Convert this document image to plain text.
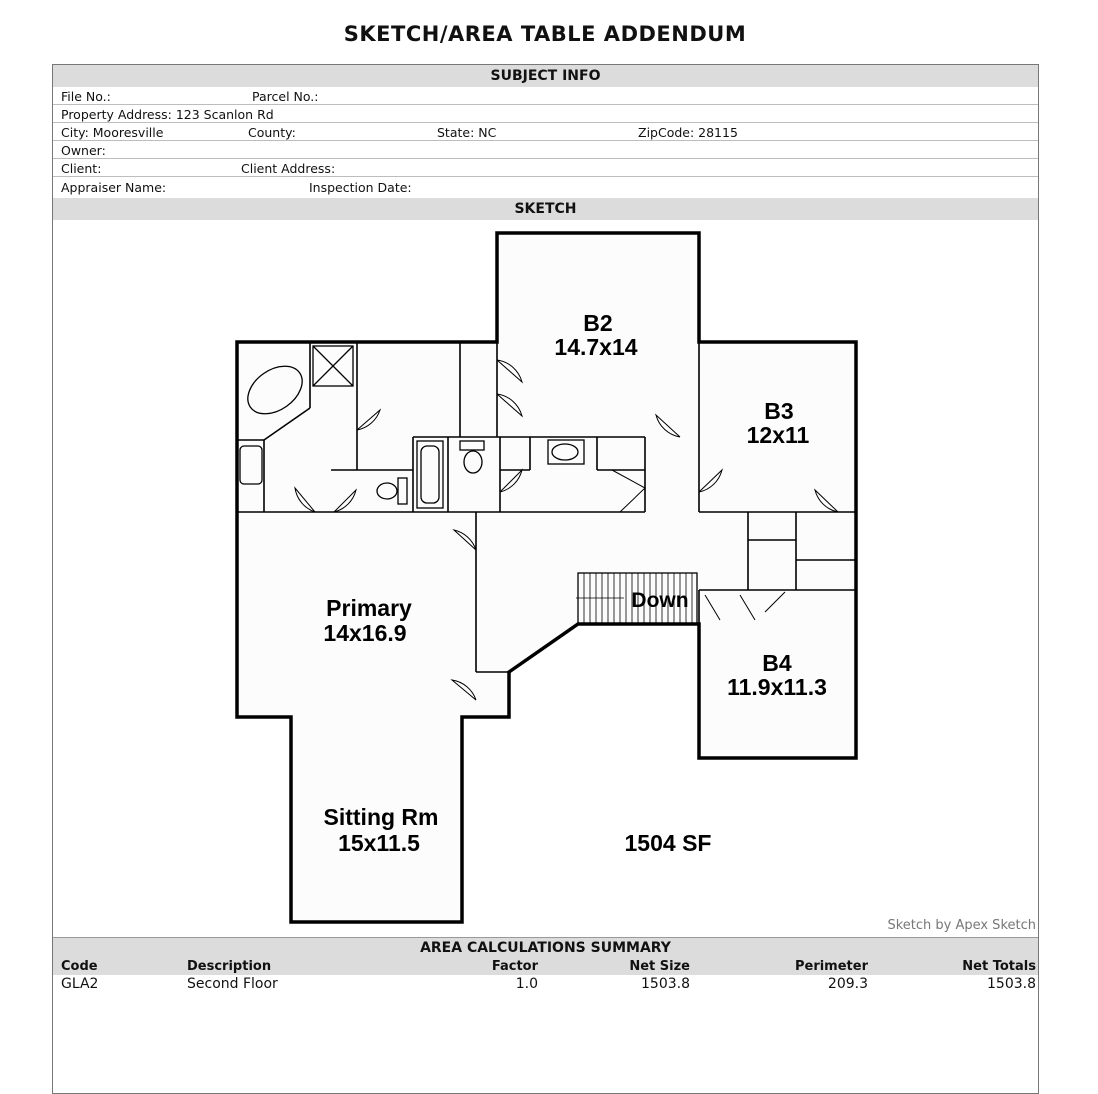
SKETCH/AREA TABLE ADDENDUM
SUBJECT INFO
File No.:	Parcel No.:
Property Address: 123 Scanlon Rd
City: Mooresville	County:	State: NC	ZipCode: 28115
Owner:
Client:	Client Address:
Appraiser Name:	Inspection Date:
SKETCH
B2
14.7x14
B3
12x11
Primary
14x16.9
B4
11.9x11.3
Sitting Rm
15x11.5	1504 SF
Down
Sketch by Apex Sketch
AREA CALCULATIONS SUMMARY
Code	Description	Factor	Net Size	Perimeter	Net Totals
GLA2	Second Floor	1.0	1503.8	209.3	1503.8
